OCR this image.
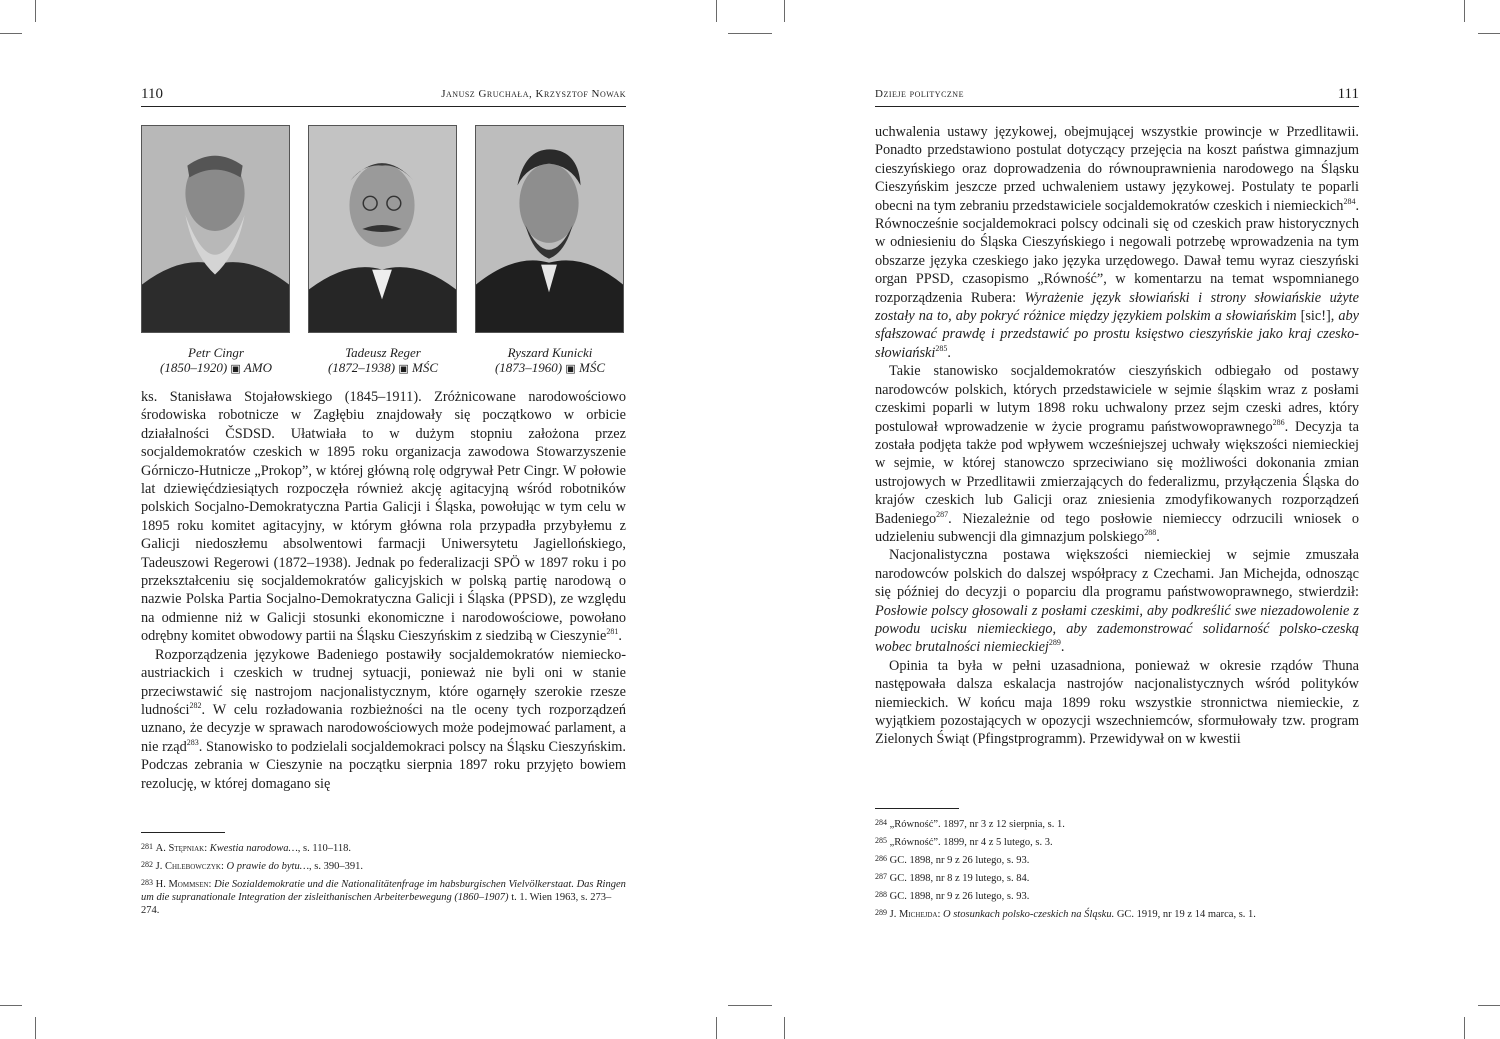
110	Janusz Gruchała, Krzysztof Nowak
Petr Cingr
(1850–1920) ▣ AMO
Tadeusz Reger
(1872–1938) ▣ MŚC
Ryszard Kunicki
(1873–1960) ▣ MŚC

ks. Stanisława Stojałowskiego (1845–1911). Zróżnicowane narodowościowo środowiska robotnicze w Zagłębiu znajdowały się początkowo w orbicie działalności ČSDSD. Ułatwiała to w dużym stopniu założona przez socjaldemokratów czeskich w 1895 roku organizacja zawodowa Stowarzyszenie Górniczo-Hutnicze „Prokop”, w której główną rolę odgrywał Petr Cingr. W połowie lat dziewięćdziesiątych rozpoczęła również akcję agitacyjną wśród robotników polskich Socjalno-Demokratyczna Partia Galicji i Śląska, powołując w tym celu w 1895 roku komitet agitacyjny, w którym główna rola przypadła przybyłemu z Galicji niedoszłemu absolwentowi farmacji Uniwersytetu Jagiellońskiego, Tadeuszowi Regerowi (1872–1938). Jednak po federalizacji SPÖ w 1897 roku i po przekształceniu się socjaldemokratów galicyjskich w polską partię narodową o nazwie Polska Partia Socjalno-Demokratyczna Galicji i Śląska (PPSD), ze względu na odmienne niż w Galicji stosunki ekonomiczne i narodowościowe, powołano odrębny komitet obwodowy partii na Śląsku Cieszyńskim z siedzibą w Cieszynie$^{281}$.

Rozporządzenia językowe Badeniego postawiły socjaldemokratów niemiecko-austriackich i czeskich w trudnej sytuacji, ponieważ nie byli oni w stanie przeciwstawić się nastrojom nacjonalistycznym, które ogarnęły szerokie rzesze ludności$^{282}$. W celu rozładowania rozbieżności na tle oceny tych rozporządzeń uznano, że decyzje w sprawach narodowościowych może podejmować parlament, a nie rząd$^{283}$. Stanowisko to podzielali socjaldemokraci polscy na Śląsku Cieszyńskim. Podczas zebrania w Cieszynie na początku sierpnia 1897 roku przyjęto bowiem rezolucję, w której domagano się

281 A. Stępniak: Kwestia narodowa…, s. 110–118.

282 J. Chlebowczyk: O prawie do bytu…, s. 390–391.

283 H. Mommsen: Die Sozialdemokratie und die Nationalitätenfrage im habsburgischen Vielvölkerstaat. Das Ringen um die supranationale Integration der zisleithanischen Arbeiterbewegung (1860–1907) t. 1. Wien 1963, s. 273–274.

Dzieje polityczne	111

uchwalenia ustawy językowej, obejmującej wszystkie prowincje w Przedlitawii. Ponadto przedstawiono postulat dotyczący przejęcia na koszt państwa gimnazjum cieszyńskiego oraz doprowadzenia do równouprawnienia narodowego na Śląsku Cieszyńskim jeszcze przed uchwaleniem ustawy językowej. Postulaty te poparli obecni na tym zebraniu przedstawiciele socjaldemokratów czeskich i niemieckich$^{284}$. Równocześnie socjaldemokraci polscy odcinali się od czeskich praw historycznych w odniesieniu do Śląska Cieszyńskiego i negowali potrzebę wprowadzenia na tym obszarze języka czeskiego jako języka urzędowego. Dawał temu wyraz cieszyński organ PPSD, czasopismo „Równość”, w komentarzu na temat wspomnianego rozporządzenia Rubera: Wyrażenie język słowiański i strony słowiańskie użyte zostały na to, aby pokryć różnice między językiem polskim a słowiańskim [sic!], aby sfałszować prawdę i przedstawić po prostu księstwo cieszyńskie jako kraj czesko-słowiański$^{285}$.

Takie stanowisko socjaldemokratów cieszyńskich odbiegało od postawy narodowców polskich, których przedstawiciele w sejmie śląskim wraz z posłami czeskimi poparli w lutym 1898 roku uchwalony przez sejm czeski adres, który postulował wprowadzenie w życie programu państwowoprawnego$^{286}$. Decyzja ta została podjęta także pod wpływem wcześniejszej uchwały większości niemieckiej w sejmie, w której stanowczo sprzeciwiano się możliwości dokonania zmian ustrojowych w Przedlitawii zmierzających do federalizmu, przyłączenia Śląska do krajów czeskich lub Galicji oraz zniesienia zmodyfikowanych rozporządzeń Badeniego$^{287}$. Niezależnie od tego posłowie niemieccy odrzucili wniosek o udzieleniu subwencji dla gimnazjum polskiego$^{288}$.

Nacjonalistyczna postawa większości niemieckiej w sejmie zmuszała narodowców polskich do dalszej współpracy z Czechami. Jan Michejda, odnosząc się później do decyzji o poparciu dla programu państwowoprawnego, stwierdził: Posłowie polscy głosowali z posłami czeskimi, aby podkreślić swe niezadowolenie z powodu ucisku niemieckiego, aby zademonstrować solidarność polsko-czeską wobec brutalności niemieckiej$^{289}$.

Opinia ta była w pełni uzasadniona, ponieważ w okresie rządów Thuna następowała dalsza eskalacja nastrojów nacjonalistycznych wśród polityków niemieckich. W końcu maja 1899 roku wszystkie stronnictwa niemieckie, z wyjątkiem pozostających w opozycji wszechniemców, sformułowały tzw. program Zielonych Świąt (Pfingstprogramm). Przewidywał on w kwestii

284 „Równość”. 1897, nr 3 z 12 sierpnia, s. 1.

285 „Równość”. 1899, nr 4 z 5 lutego, s. 3.

286 GC. 1898, nr 9 z 26 lutego, s. 93.

287 GC. 1898, nr 8 z 19 lutego, s. 84.

288 GC. 1898, nr 9 z 26 lutego, s. 93.

289 J. Michejda: O stosunkach polsko-czeskich na Śląsku. GC. 1919, nr 19 z 14 marca, s. 1.
